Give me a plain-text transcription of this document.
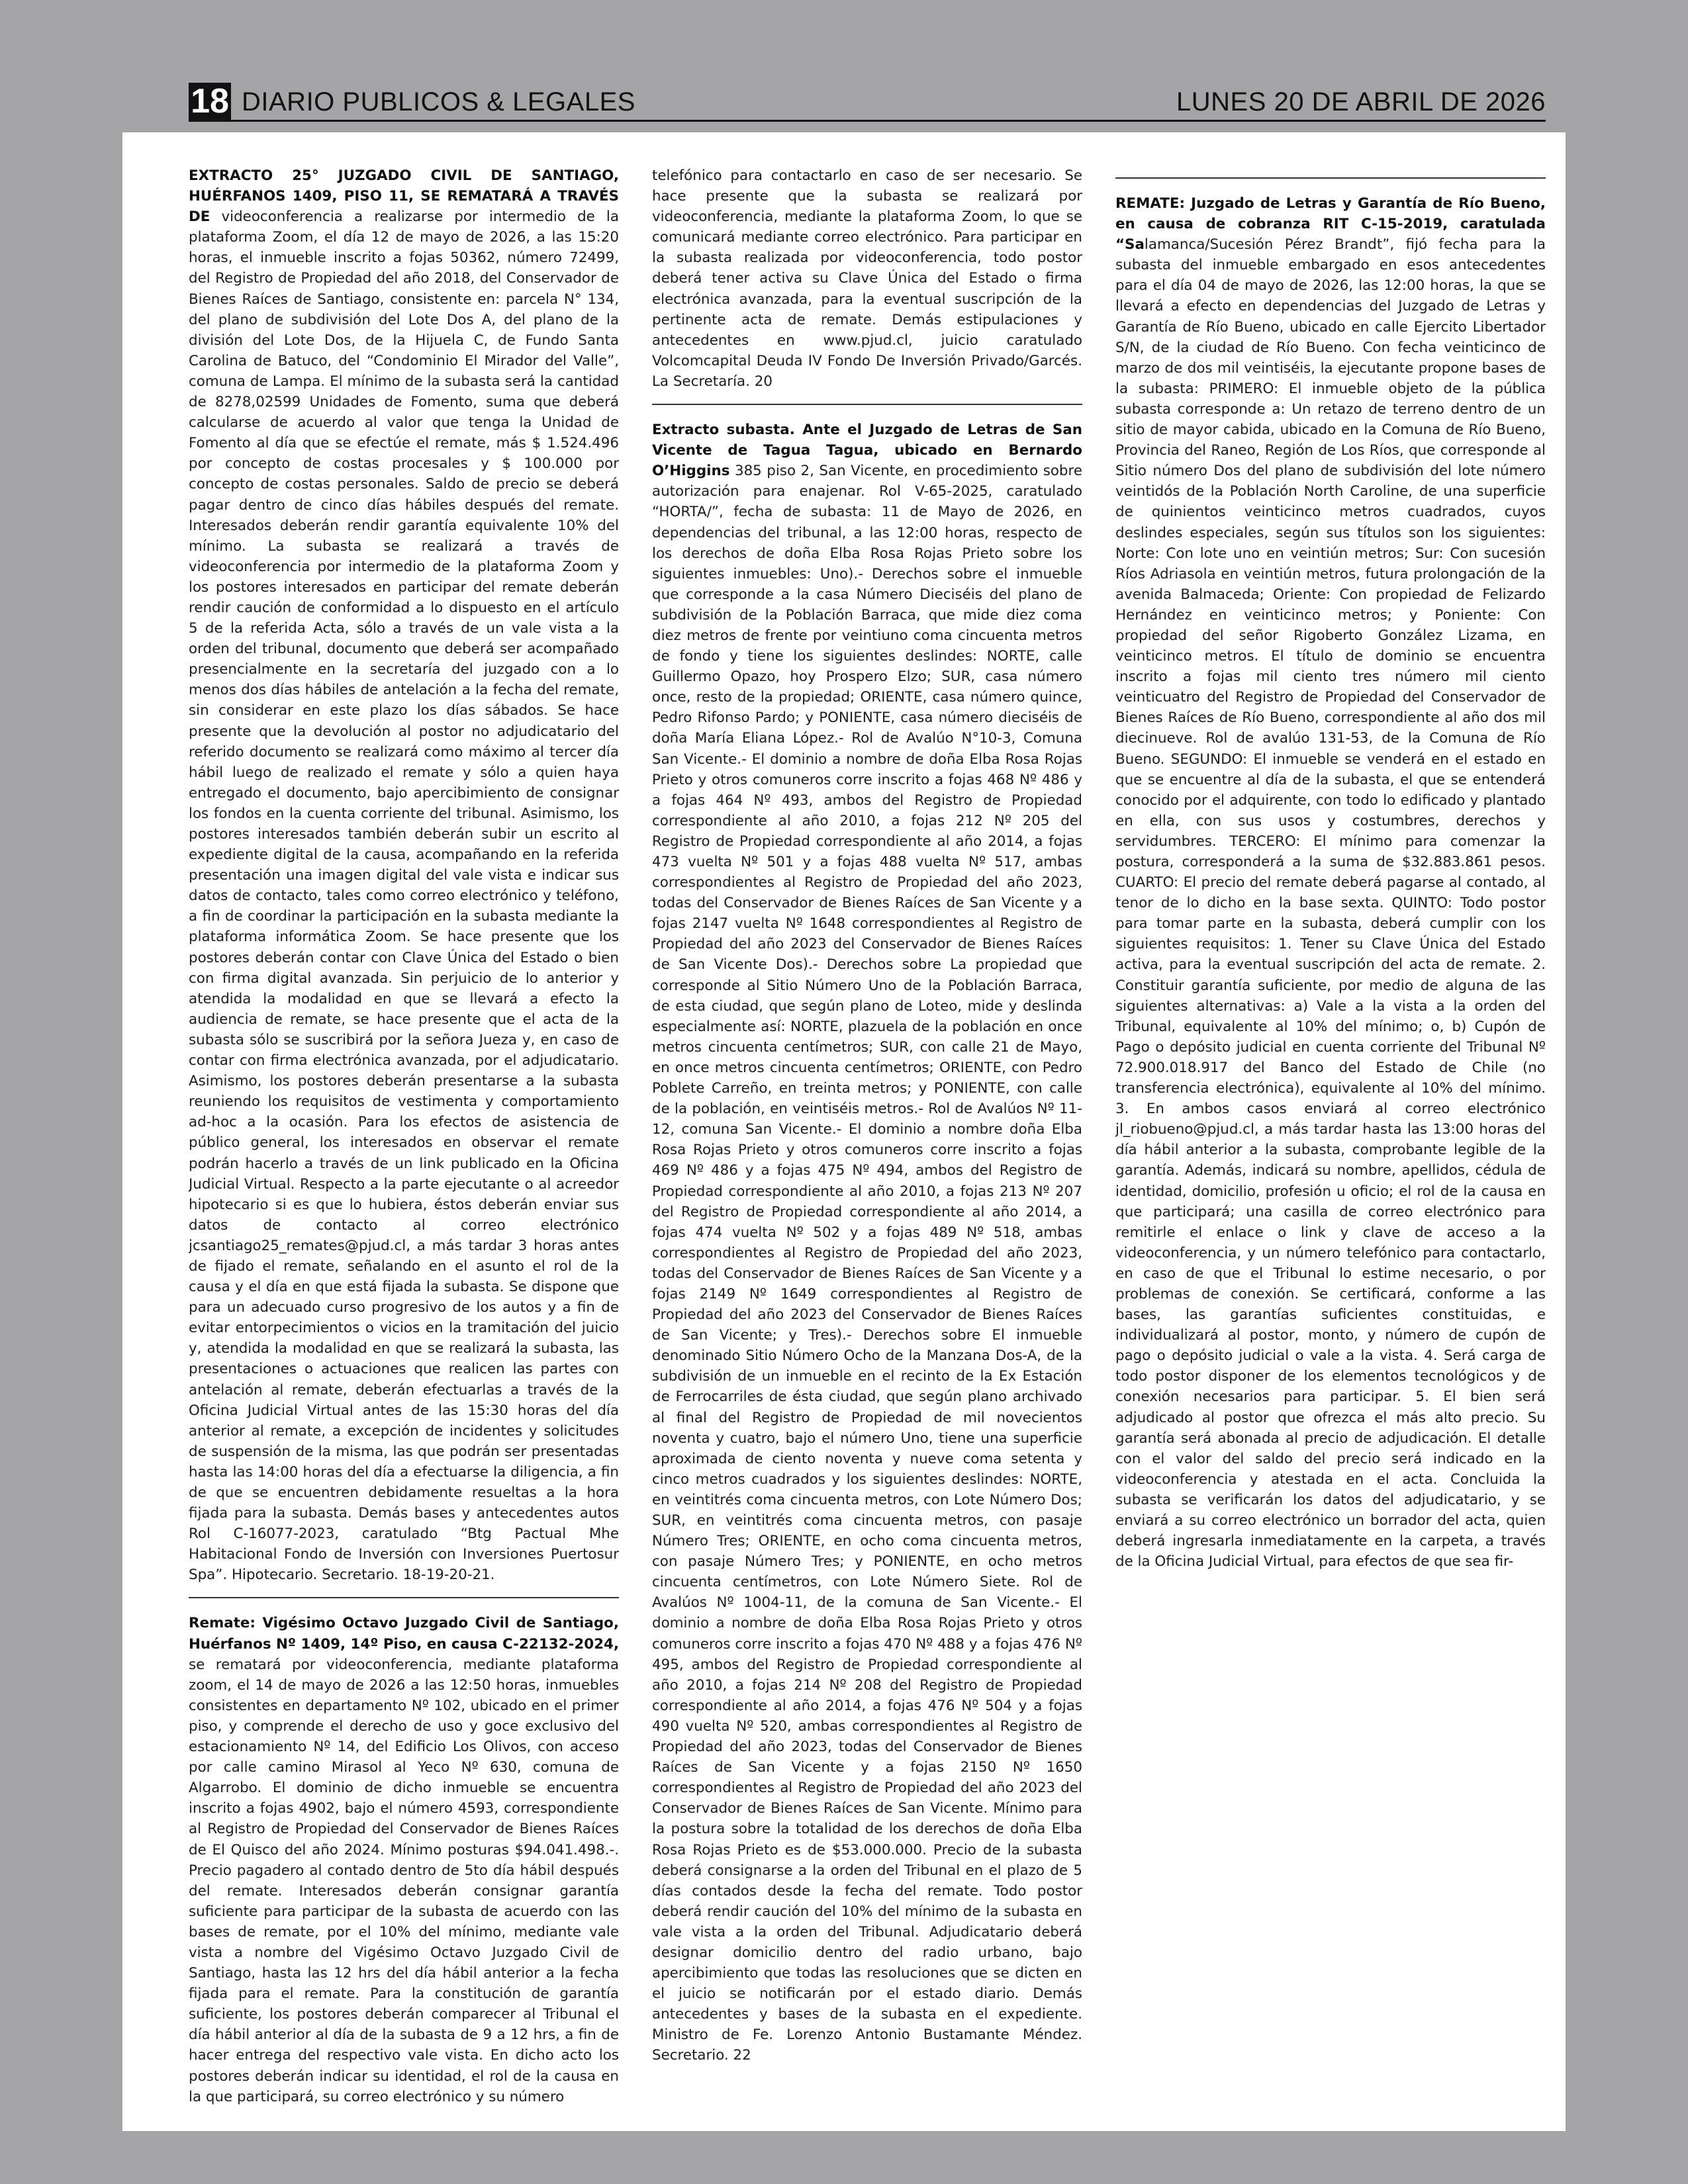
18 DIARIO PUBLICOS & LEGALES	LUNES 20 DE ABRIL DE 2026

EXTRACTO 25° JUZGADO CIVIL DE SANTIAGO, HUÉRFANOS 1409, PISO 11, SE REMATARÁ A TRAVÉS DE videoconferencia a realizarse por intermedio de la plataforma Zoom, el día 12 de mayo de 2026, a las 15:20 horas, el inmueble inscrito a fojas 50362, número 72499, del Registro de Propiedad del año 2018, del Conservador de Bienes Raíces de Santiago, consistente en: parcela N° 134, del plano de subdivisión del Lote Dos A, del plano de la división del Lote Dos, de la Hijuela C, de Fundo Santa Carolina de Batuco, del “Condominio El Mirador del Valle”, comuna de Lampa. El mínimo de la subasta será la cantidad de 8278,02599 Unidades de Fomento, suma que deberá calcularse de acuerdo al valor que tenga la Unidad de Fomento al día que se efectúe el remate, más $ 1.524.496 por concepto de costas procesales y $ 100.000 por concepto de costas personales. Saldo de precio se deberá pagar dentro de cinco días hábiles después del remate. Interesados deberán rendir garantía equivalente 10% del mínimo. La subasta se realizará a través de videoconferencia por intermedio de la plataforma Zoom y los postores interesados en participar del remate deberán rendir caución de conformidad a lo dispuesto en el artículo 5 de la referida Acta, sólo a través de un vale vista a la orden del tribunal, documento que deberá ser acompañado presencialmente en la secretaría del juzgado con a lo menos dos días hábiles de antelación a la fecha del remate, sin considerar en este plazo los días sábados. Se hace presente que la devolución al postor no adjudicatario del referido documento se realizará como máximo al tercer día hábil luego de realizado el remate y sólo a quien haya entregado el documento, bajo apercibimiento de consignar los fondos en la cuenta corriente del tribunal. Asimismo, los postores interesados también deberán subir un escrito al expediente digital de la causa, acompañando en la referida presentación una imagen digital del vale vista e indicar sus datos de contacto, tales como correo electrónico y teléfono, a fin de coordinar la participación en la subasta mediante la plataforma informática Zoom. Se hace presente que los postores deberán contar con Clave Única del Estado o bien con firma digital avanzada. Sin perjuicio de lo anterior y atendida la modalidad en que se llevará a efecto la audiencia de remate, se hace presente que el acta de la subasta sólo se suscribirá por la señora Jueza y, en caso de contar con firma electrónica avanzada, por el adjudicatario. Asimismo, los postores deberán presentarse a la subasta reuniendo los requisitos de vestimenta y comportamiento ad-hoc a la ocasión. Para los efectos de asistencia de público general, los interesados en observar el remate podrán hacerlo a través de un link publicado en la Oficina Judicial Virtual. Respecto a la parte ejecutante o al acreedor hipotecario si es que lo hubiera, éstos deberán enviar sus datos de contacto al correo electrónico jcsantiago25_remates@pjud.cl, a más tardar 3 horas antes de fijado el remate, señalando en el asunto el rol de la causa y el día en que está fijada la subasta. Se dispone que para un adecuado curso progresivo de los autos y a fin de evitar entorpecimientos o vicios en la tramitación del juicio y, atendida la modalidad en que se realizará la subasta, las presentaciones o actuaciones que realicen las partes con antelación al remate, deberán efectuarlas a través de la Oficina Judicial Virtual antes de las 15:30 horas del día anterior al remate, a excepción de incidentes y solicitudes de suspensión de la misma, las que podrán ser presentadas hasta las 14:00 horas del día a efectuarse la diligencia, a fin de que se encuentren debidamente resueltas a la hora fijada para la subasta. Demás bases y antecedentes autos Rol C-16077-2023, caratulado “Btg Pactual Mhe Habitacional Fondo de Inversión con Inversiones Puertosur Spa”. Hipotecario. Secretario. 18-19-20-21.

Remate: Vigésimo Octavo Juzgado Civil de Santiago, Huérfanos Nº 1409, 14º Piso, en causa C-22132-2024, se rematará por videoconferencia, mediante plataforma zoom, el 14 de mayo de 2026 a las 12:50 horas, inmuebles consistentes en departamento Nº 102, ubicado en el primer piso, y comprende el derecho de uso y goce exclusivo del estacionamiento Nº 14, del Edificio Los Olivos, con acceso por calle camino Mirasol al Yeco Nº 630, comuna de Algarrobo. El dominio de dicho inmueble se encuentra inscrito a fojas 4902, bajo el número 4593, correspondiente al Registro de Propiedad del Conservador de Bienes Raíces de El Quisco del año 2024. Mínimo posturas $94.041.498.-. Precio pagadero al contado dentro de 5to día hábil después del remate. Interesados deberán consignar garantía suficiente para participar de la subasta de acuerdo con las bases de remate, por el 10% del mínimo, mediante vale vista a nombre del Vigésimo Octavo Juzgado Civil de Santiago, hasta las 12 hrs del día hábil anterior a la fecha fijada para el remate. Para la constitución de garantía suficiente, los postores deberán comparecer al Tribunal el día hábil anterior al día de la subasta de 9 a 12 hrs, a fin de hacer entrega del respectivo vale vista. En dicho acto los postores deberán indicar su identidad, el rol de la causa en la que participará, su correo electrónico y su número

telefónico para contactarlo en caso de ser necesario. Se hace presente que la subasta se realizará por videoconferencia, mediante la plataforma Zoom, lo que se comunicará mediante correo electrónico. Para participar en la subasta realizada por videoconferencia, todo postor deberá tener activa su Clave Única del Estado o firma electrónica avanzada, para la eventual suscripción de la pertinente acta de remate. Demás estipulaciones y antecedentes en www.pjud.cl, juicio caratulado Volcomcapital Deuda IV Fondo De Inversión Privado/Garcés. La Secretaría. 20

Extracto subasta. Ante el Juzgado de Letras de San Vicente de Tagua Tagua, ubicado en Bernardo O’Higgins 385 piso 2, San Vicente, en procedimiento sobre autorización para enajenar. Rol V-65-2025, caratulado “HORTA/”, fecha de subasta: 11 de Mayo de 2026, en dependencias del tribunal, a las 12:00 horas, respecto de los derechos de doña Elba Rosa Rojas Prieto sobre los siguientes inmuebles: Uno).- Derechos sobre el inmueble que corresponde a la casa Número Dieciséis del plano de subdivisión de la Población Barraca, que mide diez coma diez metros de frente por veintiuno coma cincuenta metros de fondo y tiene los siguientes deslindes: NORTE, calle Guillermo Opazo, hoy Prospero Elzo; SUR, casa número once, resto de la propiedad; ORIENTE, casa número quince, Pedro Rifonso Pardo; y PONIENTE, casa número dieciséis de doña María Eliana López.- Rol de Avalúo N°10-3, Comuna San Vicente.- El dominio a nombre de doña Elba Rosa Rojas Prieto y otros comuneros corre inscrito a fojas 468 Nº 486 y a fojas 464 Nº 493, ambos del Registro de Propiedad correspondiente al año 2010, a fojas 212 Nº 205 del Registro de Propiedad correspondiente al año 2014, a fojas 473 vuelta Nº 501 y a fojas 488 vuelta Nº 517, ambas correspondientes al Registro de Propiedad del año 2023, todas del Conservador de Bienes Raíces de San Vicente y a fojas 2147 vuelta Nº 1648 correspondientes al Registro de Propiedad del año 2023 del Conservador de Bienes Raíces de San Vicente Dos).- Derechos sobre La propiedad que corresponde al Sitio Número Uno de la Población Barraca, de esta ciudad, que según plano de Loteo, mide y deslinda especialmente así: NORTE, plazuela de la población en once metros cincuenta centímetros; SUR, con calle 21 de Mayo, en once metros cincuenta centímetros; ORIENTE, con Pedro Poblete Carreño, en treinta metros; y PONIENTE, con calle de la población, en veintiséis metros.- Rol de Avalúos Nº 11-12, comuna San Vicente.- El dominio a nombre doña Elba Rosa Rojas Prieto y otros comuneros corre inscrito a fojas 469 Nº 486 y a fojas 475 Nº 494, ambos del Registro de Propiedad correspondiente al año 2010, a fojas 213 Nº 207 del Registro de Propiedad correspondiente al año 2014, a fojas 474 vuelta Nº 502 y a fojas 489 Nº 518, ambas correspondientes al Registro de Propiedad del año 2023, todas del Conservador de Bienes Raíces de San Vicente y a fojas 2149 Nº 1649 correspondientes al Registro de Propiedad del año 2023 del Conservador de Bienes Raíces de San Vicente; y Tres).- Derechos sobre El inmueble denominado Sitio Número Ocho de la Manzana Dos-A, de la subdivisión de un inmueble en el recinto de la Ex Estación de Ferrocarriles de ésta ciudad, que según plano archivado al final del Registro de Propiedad de mil novecientos noventa y cuatro, bajo el número Uno, tiene una superficie aproximada de ciento noventa y nueve coma setenta y cinco metros cuadrados y los siguientes deslindes: NORTE, en veintitrés coma cincuenta metros, con Lote Número Dos; SUR, en veintitrés coma cincuenta metros, con pasaje Número Tres; ORIENTE, en ocho coma cincuenta metros, con pasaje Número Tres; y PONIENTE, en ocho metros cincuenta centímetros, con Lote Número Siete. Rol de Avalúos Nº 1004-11, de la comuna de San Vicente.- El dominio a nombre de doña Elba Rosa Rojas Prieto y otros comuneros corre inscrito a fojas 470 Nº 488 y a fojas 476 Nº 495, ambos del Registro de Propiedad correspondiente al año 2010, a fojas 214 Nº 208 del Registro de Propiedad correspondiente al año 2014, a fojas 476 Nº 504 y a fojas 490 vuelta Nº 520, ambas correspondientes al Registro de Propiedad del año 2023, todas del Conservador de Bienes Raíces de San Vicente y a fojas 2150 Nº 1650 correspondientes al Registro de Propiedad del año 2023 del Conservador de Bienes Raíces de San Vicente. Mínimo para la postura sobre la totalidad de los derechos de doña Elba Rosa Rojas Prieto es de $53.000.000. Precio de la subasta deberá consignarse a la orden del Tribunal en el plazo de 5 días contados desde la fecha del remate. Todo postor deberá rendir caución del 10% del mínimo de la subasta en vale vista a la orden del Tribunal. Adjudicatario deberá designar domicilio dentro del radio urbano, bajo apercibimiento que todas las resoluciones que se dicten en el juicio se notificarán por el estado diario. Demás antecedentes y bases de la subasta en el expediente. Ministro de Fe. Lorenzo Antonio Bustamante Méndez. Secretario. 22

REMATE: Juzgado de Letras y Garantía de Río Bueno, en causa de cobranza RIT C-15-2019, caratulada “Salamanca/Sucesión Pérez Brandt”, fijó fecha para la subasta del inmueble embargado en esos antecedentes para el día 04 de mayo de 2026, las 12:00 horas, la que se llevará a efecto en dependencias del Juzgado de Letras y Garantía de Río Bueno, ubicado en calle Ejercito Libertador S/N, de la ciudad de Río Bueno. Con fecha veinticinco de marzo de dos mil veintiséis, la ejecutante propone bases de la subasta: PRIMERO: El inmueble objeto de la pública subasta corresponde a: Un retazo de terreno dentro de un sitio de mayor cabida, ubicado en la Comuna de Río Bueno, Provincia del Raneo, Región de Los Ríos, que corresponde al Sitio número Dos del plano de subdivisión del lote número veintidós de la Población North Caroline, de una superficie de quinientos veinticinco metros cuadrados, cuyos deslindes especiales, según sus títulos son los siguientes: Norte: Con lote uno en veintiún metros; Sur: Con sucesión Ríos Adriasola en veintiún metros, futura prolongación de la avenida Balmaceda; Oriente: Con propiedad de Felizardo Hernández en veinticinco metros; y Poniente: Con propiedad del señor Rigoberto González Lizama, en veinticinco metros. El título de dominio se encuentra inscrito a fojas mil ciento tres número mil ciento veinticuatro del Registro de Propiedad del Conservador de Bienes Raíces de Río Bueno, correspondiente al año dos mil diecinueve. Rol de avalúo 131-53, de la Comuna de Río Bueno. SEGUNDO: El inmueble se venderá en el estado en que se encuentre al día de la subasta, el que se entenderá conocido por el adquirente, con todo lo edificado y plantado en ella, con sus usos y costumbres, derechos y servidumbres. TERCERO: El mínimo para comenzar la postura, corresponderá a la suma de $32.883.861 pesos. CUARTO: El precio del remate deberá pagarse al contado, al tenor de lo dicho en la base sexta. QUINTO: Todo postor para tomar parte en la subasta, deberá cumplir con los siguientes requisitos: 1. Tener su Clave Única del Estado activa, para la eventual suscripción del acta de remate. 2. Constituir garantía suficiente, por medio de alguna de las siguientes alternativas: a) Vale a la vista a la orden del Tribunal, equivalente al 10% del mínimo; o, b) Cupón de Pago o depósito judicial en cuenta corriente del Tribunal Nº 72.900.018.917 del Banco del Estado de Chile (no transferencia electrónica), equivalente al 10% del mínimo. 3. En ambos casos enviará al correo electrónico jl_riobueno@pjud.cl, a más tardar hasta las 13:00 horas del día hábil anterior a la subasta, comprobante legible de la garantía. Además, indicará su nombre, apellidos, cédula de identidad, domicilio, profesión u oficio; el rol de la causa en que participará; una casilla de correo electrónico para remitirle el enlace o link y clave de acceso a la videoconferencia, y un número telefónico para contactarlo, en caso de que el Tribunal lo estime necesario, o por problemas de conexión. Se certificará, conforme a las bases, las garantías suficientes constituidas, e individualizará al postor, monto, y número de cupón de pago o depósito judicial o vale a la vista. 4. Será carga de todo postor disponer de los elementos tecnológicos y de conexión necesarios para participar. 5. El bien será adjudicado al postor que ofrezca el más alto precio. Su garantía será abonada al precio de adjudicación. El detalle con el valor del saldo del precio será indicado en la videoconferencia y atestada en el acta. Concluida la subasta se verificarán los datos del adjudicatario, y se enviará a su correo electrónico un borrador del acta, quien deberá ingresarla inmediatamente en la carpeta, a través de la Oficina Judicial Virtual, para efectos de que sea fir-
